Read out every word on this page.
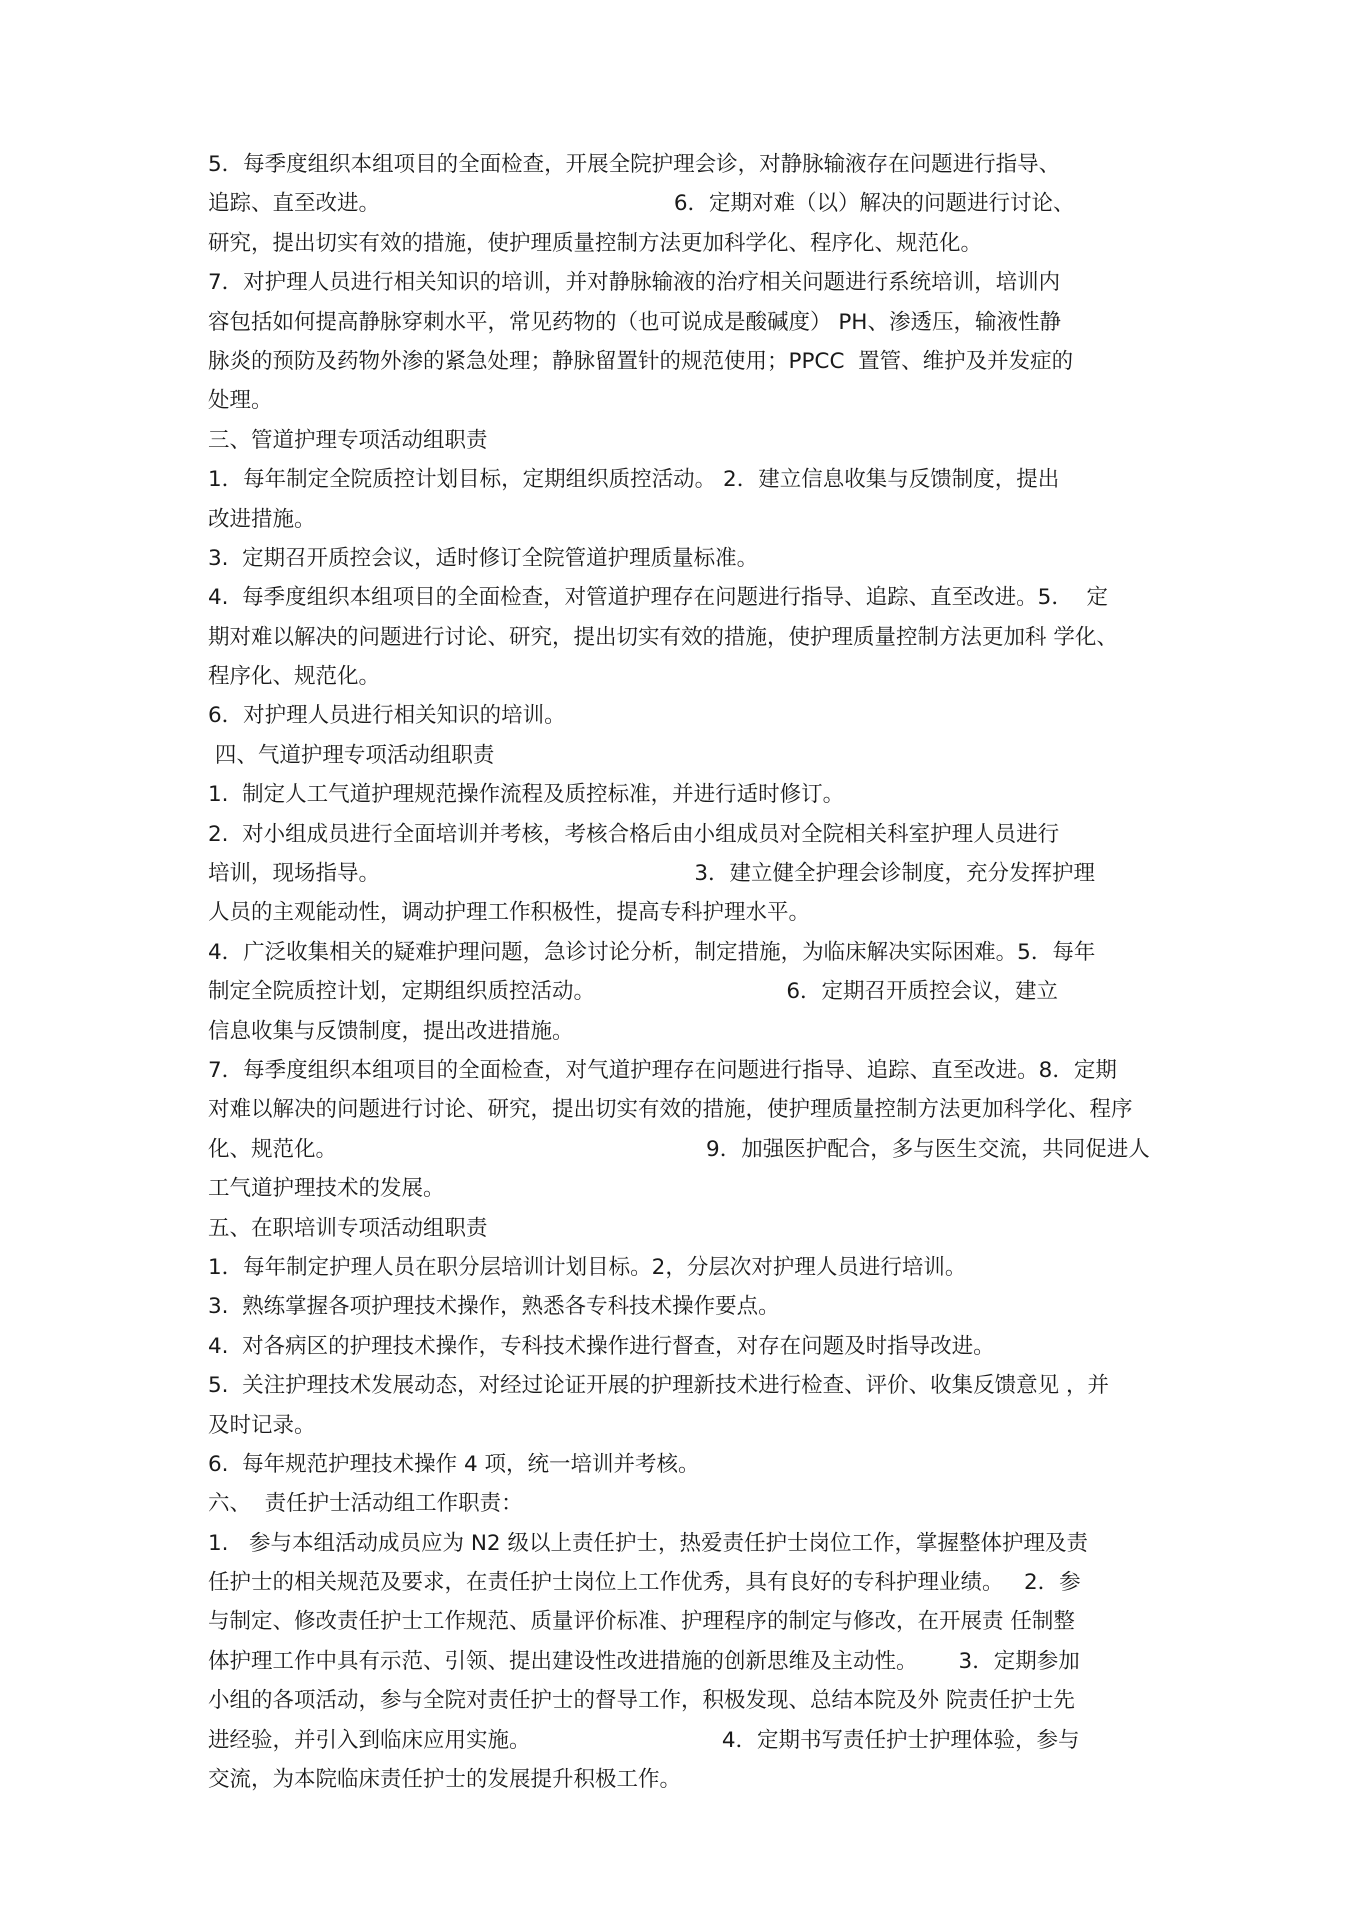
5．每季度组织本组项目的全面检查，开展全院护理会诊，对静脉输液存在问题进行指导、
追踪、直至改进。                                           6．定期对难（以）解决的问题进行讨论、
研究，提出切实有效的措施，使护理质量控制方法更加科学化、程序化、规范化。
7．对护理人员进行相关知识的培训，并对静脉输液的治疗相关问题进行系统培训，培训内
容包括如何提高静脉穿刺水平，常见药物的（也可说成是酸碱度） PH、渗透压，输液性静
脉炎的预防及药物外渗的紧急处理；静脉留置针的规范使用；PPCC  置管、维护及并发症的
处理。
三、管道护理专项活动组职责
1．每年制定全院质控计划目标，定期组织质控活动。 2．建立信息收集与反馈制度，提出
改进措施。
3.  定期召开质控会议，适时修订全院管道护理质量标准。
4.  每季度组织本组项目的全面检查，对管道护理存在问题进行指导、追踪、直至改进。5．  定
期对难以解决的问题进行讨论、研究，提出切实有效的措施，使护理质量控制方法更加科 学化、
程序化、规范化。
6．对护理人员进行相关知识的培训。
四、气道护理专项活动组职责
1.  制定人工气道护理规范操作流程及质控标准，并进行适时修订。
2.  对小组成员进行全面培训并考核，考核合格后由小组成员对全院相关科室护理人员进行
培训，现场指导。                                              3．建立健全护理会诊制度，充分发挥护理
人员的主观能动性，调动护理工作积极性，提高专科护理水平。
4．广泛收集相关的疑难护理问题，急诊讨论分析，制定措施，为临床解决实际困难。5．每年
制定全院质控计划，定期组织质控活动。                            6．定期召开质控会议，建立
信息收集与反馈制度，提出改进措施。
7．每季度组织本组项目的全面检查，对气道护理存在问题进行指导、追踪、直至改进。8．定期
对难以解决的问题进行讨论、研究，提出切实有效的措施，使护理质量控制方法更加科学化、程序
化、规范化。                                                      9．加强医护配合，多与医生交流，共同促进人
工气道护理技术的发展。
五、在职培训专项活动组职责
1．每年制定护理人员在职分层培训计划目标。2，分层次对护理人员进行培训。
3.  熟练掌握各项护理技术操作，熟悉各专科技术操作要点。
4.  对各病区的护理技术操作，专科技术操作进行督查，对存在问题及时指导改进。
5.  关注护理技术发展动态，对经过论证开展的护理新技术进行检查、评价、收集反馈意见 ，并
及时记录。
6.  每年规范护理技术操作 4 项，统一培训并考核。
六、  责任护士活动组工作职责：
1.   参与本组活动成员应为 N2 级以上责任护士，热爱责任护士岗位工作，掌握整体护理及责
任护士的相关规范及要求，在责任护士岗位上工作优秀，具有良好的专科护理业绩。   2．参
与制定、修改责任护士工作规范、质量评价标准、护理程序的制定与修改，在开展责 任制整
体护理工作中具有示范、引领、提出建设性改进措施的创新思维及主动性。      3．定期参加
小组的各项活动，参与全院对责任护士的督导工作，积极发现、总结本院及外 院责任护士先
进经验，并引入到临床应用实施。                            4．定期书写责任护士护理体验，参与
交流，为本院临床责任护士的发展提升积极工作。
